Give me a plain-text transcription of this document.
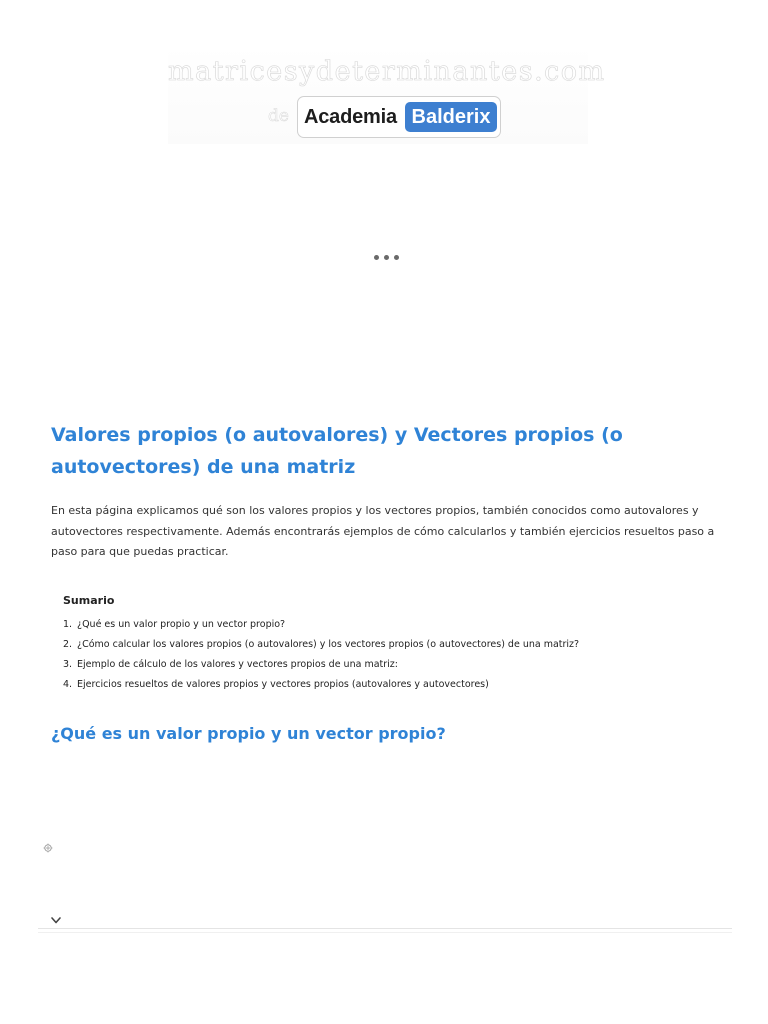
matricesydeterminantes.com
de Academia Balderix
Valores propios (o autovalores) y Vectores propios (o autovectores) de una matriz

En esta página explicamos qué son los valores propios y los vectores propios, también conocidos como autovalores y autovectores respectivamente. Además encontrarás ejemplos de cómo calcularlos y también ejercicios resueltos paso a paso para que puedas practicar.

Sumario
1. ¿Qué es un valor propio y un vector propio?
2. ¿Cómo calcular los valores propios (o autovalores) y los vectores propios (o autovectores) de una matriz?
3. Ejemplo de cálculo de los valores y vectores propios de una matriz:
4. Ejercicios resueltos de valores propios y vectores propios (autovalores y autovectores)
¿Qué es un valor propio y un vector propio?
